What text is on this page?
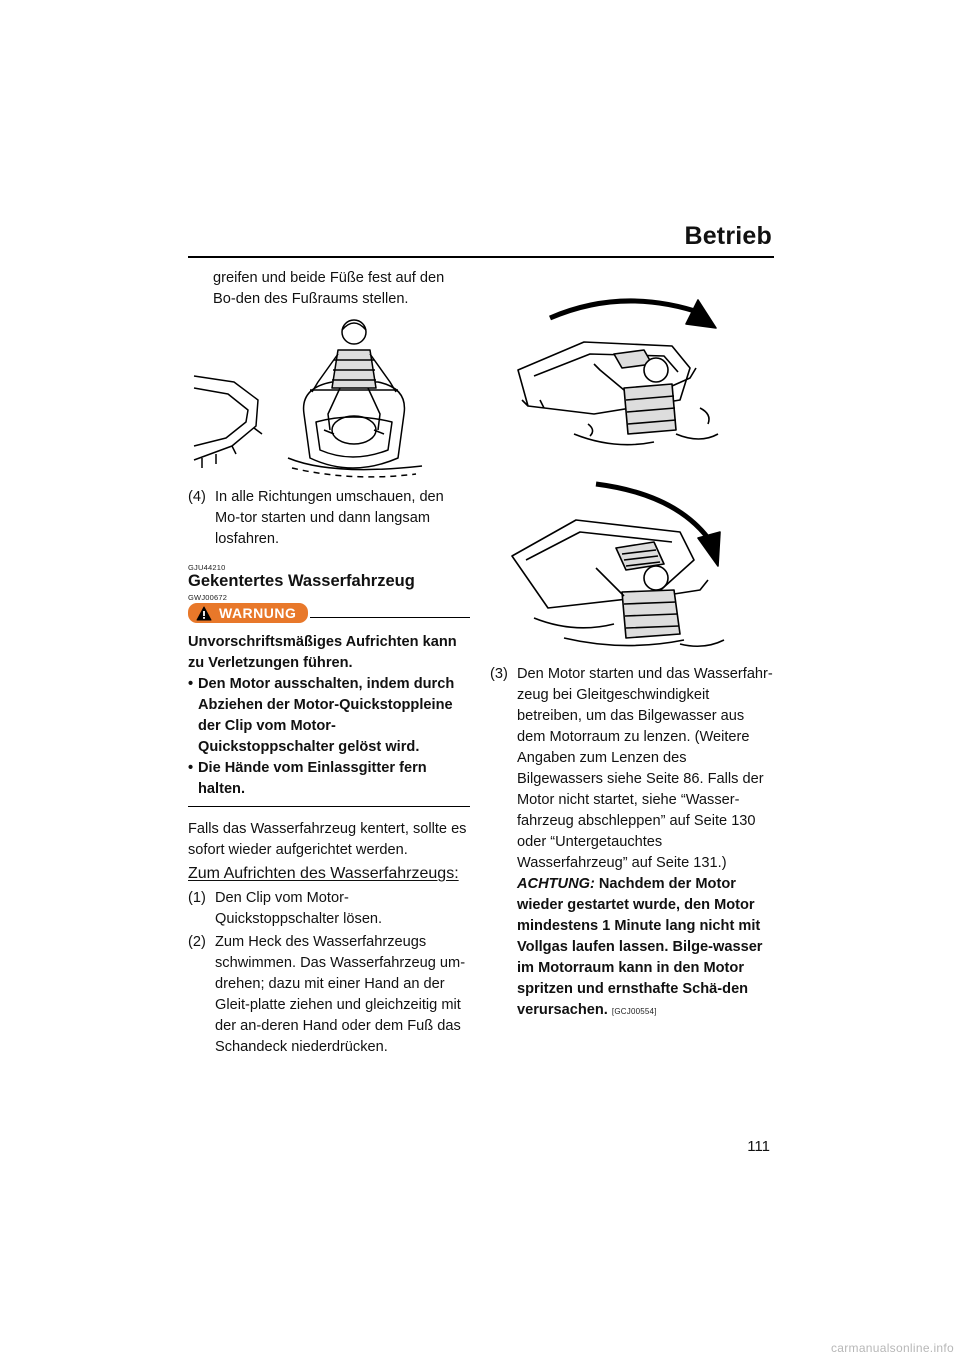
Betrieb

greifen und beide Füße fest auf den Bo-den des Fußraums stellen.

(4) In alle Richtungen umschauen, den Mo-tor starten und dann langsam losfahren.
GJU44210
Gekentertes Wasserfahrzeug
GWJ00672
WARNUNG

Unvorschriftsmäßiges Aufrichten kann zu Verletzungen führen.

• Den Motor ausschalten, indem durch Abziehen der Motor-Quickstoppleine der Clip vom Motor-Quickstoppschalter gelöst wird.
• Die Hände vom Einlassgitter fern halten.

Falls das Wasserfahrzeug kentert, sollte es sofort wieder aufgerichtet werden.

Zum Aufrichten des Wasserfahrzeugs:
(1) Den Clip vom Motor-Quickstoppschalter lösen.
(2) Zum Heck des Wasserfahrzeugs schwimmen. Das Wasserfahrzeug um-drehen; dazu mit einer Hand an der Gleit-platte ziehen und gleichzeitig mit der an-deren Hand oder dem Fuß das Schandeck niederdrücken.
(3) Den Motor starten und das Wasserfahr-zeug bei Gleitgeschwindigkeit betreiben, um das Bilgewasser aus dem Motorraum zu lenzen. (Weitere Angaben zum Lenzen des Bilgewassers siehe Seite 86. Falls der Motor nicht startet, siehe “Wasser-fahrzeug abschleppen” auf Seite 130 oder “Untergetauchtes Wasserfahrzeug” auf Seite 131.) ACHTUNG: Nachdem der Motor wieder gestartet wurde, den Motor mindestens 1 Minute lang nicht mit Vollgas laufen lassen. Bilge-wasser im Motorraum kann in den Motor spritzen und ernsthafte Schä-den verursachen. [GCJ00554]
111
carmanualsonline.info
